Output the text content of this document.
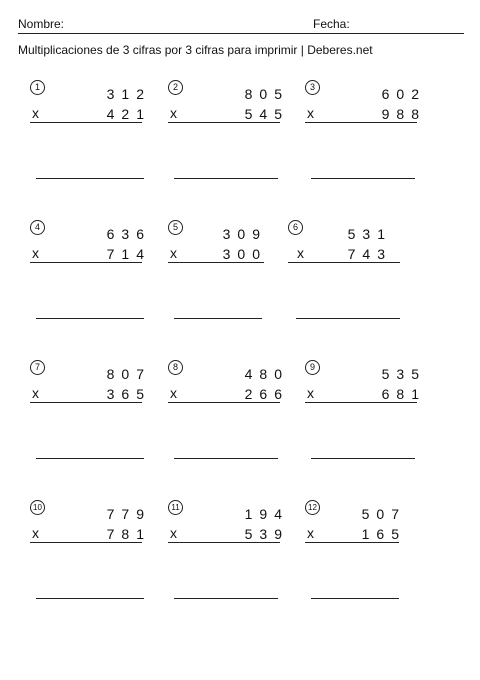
Nombre:	Fecha:
Multiplicaciones de 3 cifras por 3 cifras para imprimir | Deberes.net
1	312
x	421
2	805
x	545
3	602
x	988
4	636
x	714
5	309
x	300
6	531
x	743
7	807
x	365
8	480
x	266
9	535
x	681
10	779
x	781
11	194
x	539
12	507
x	165
